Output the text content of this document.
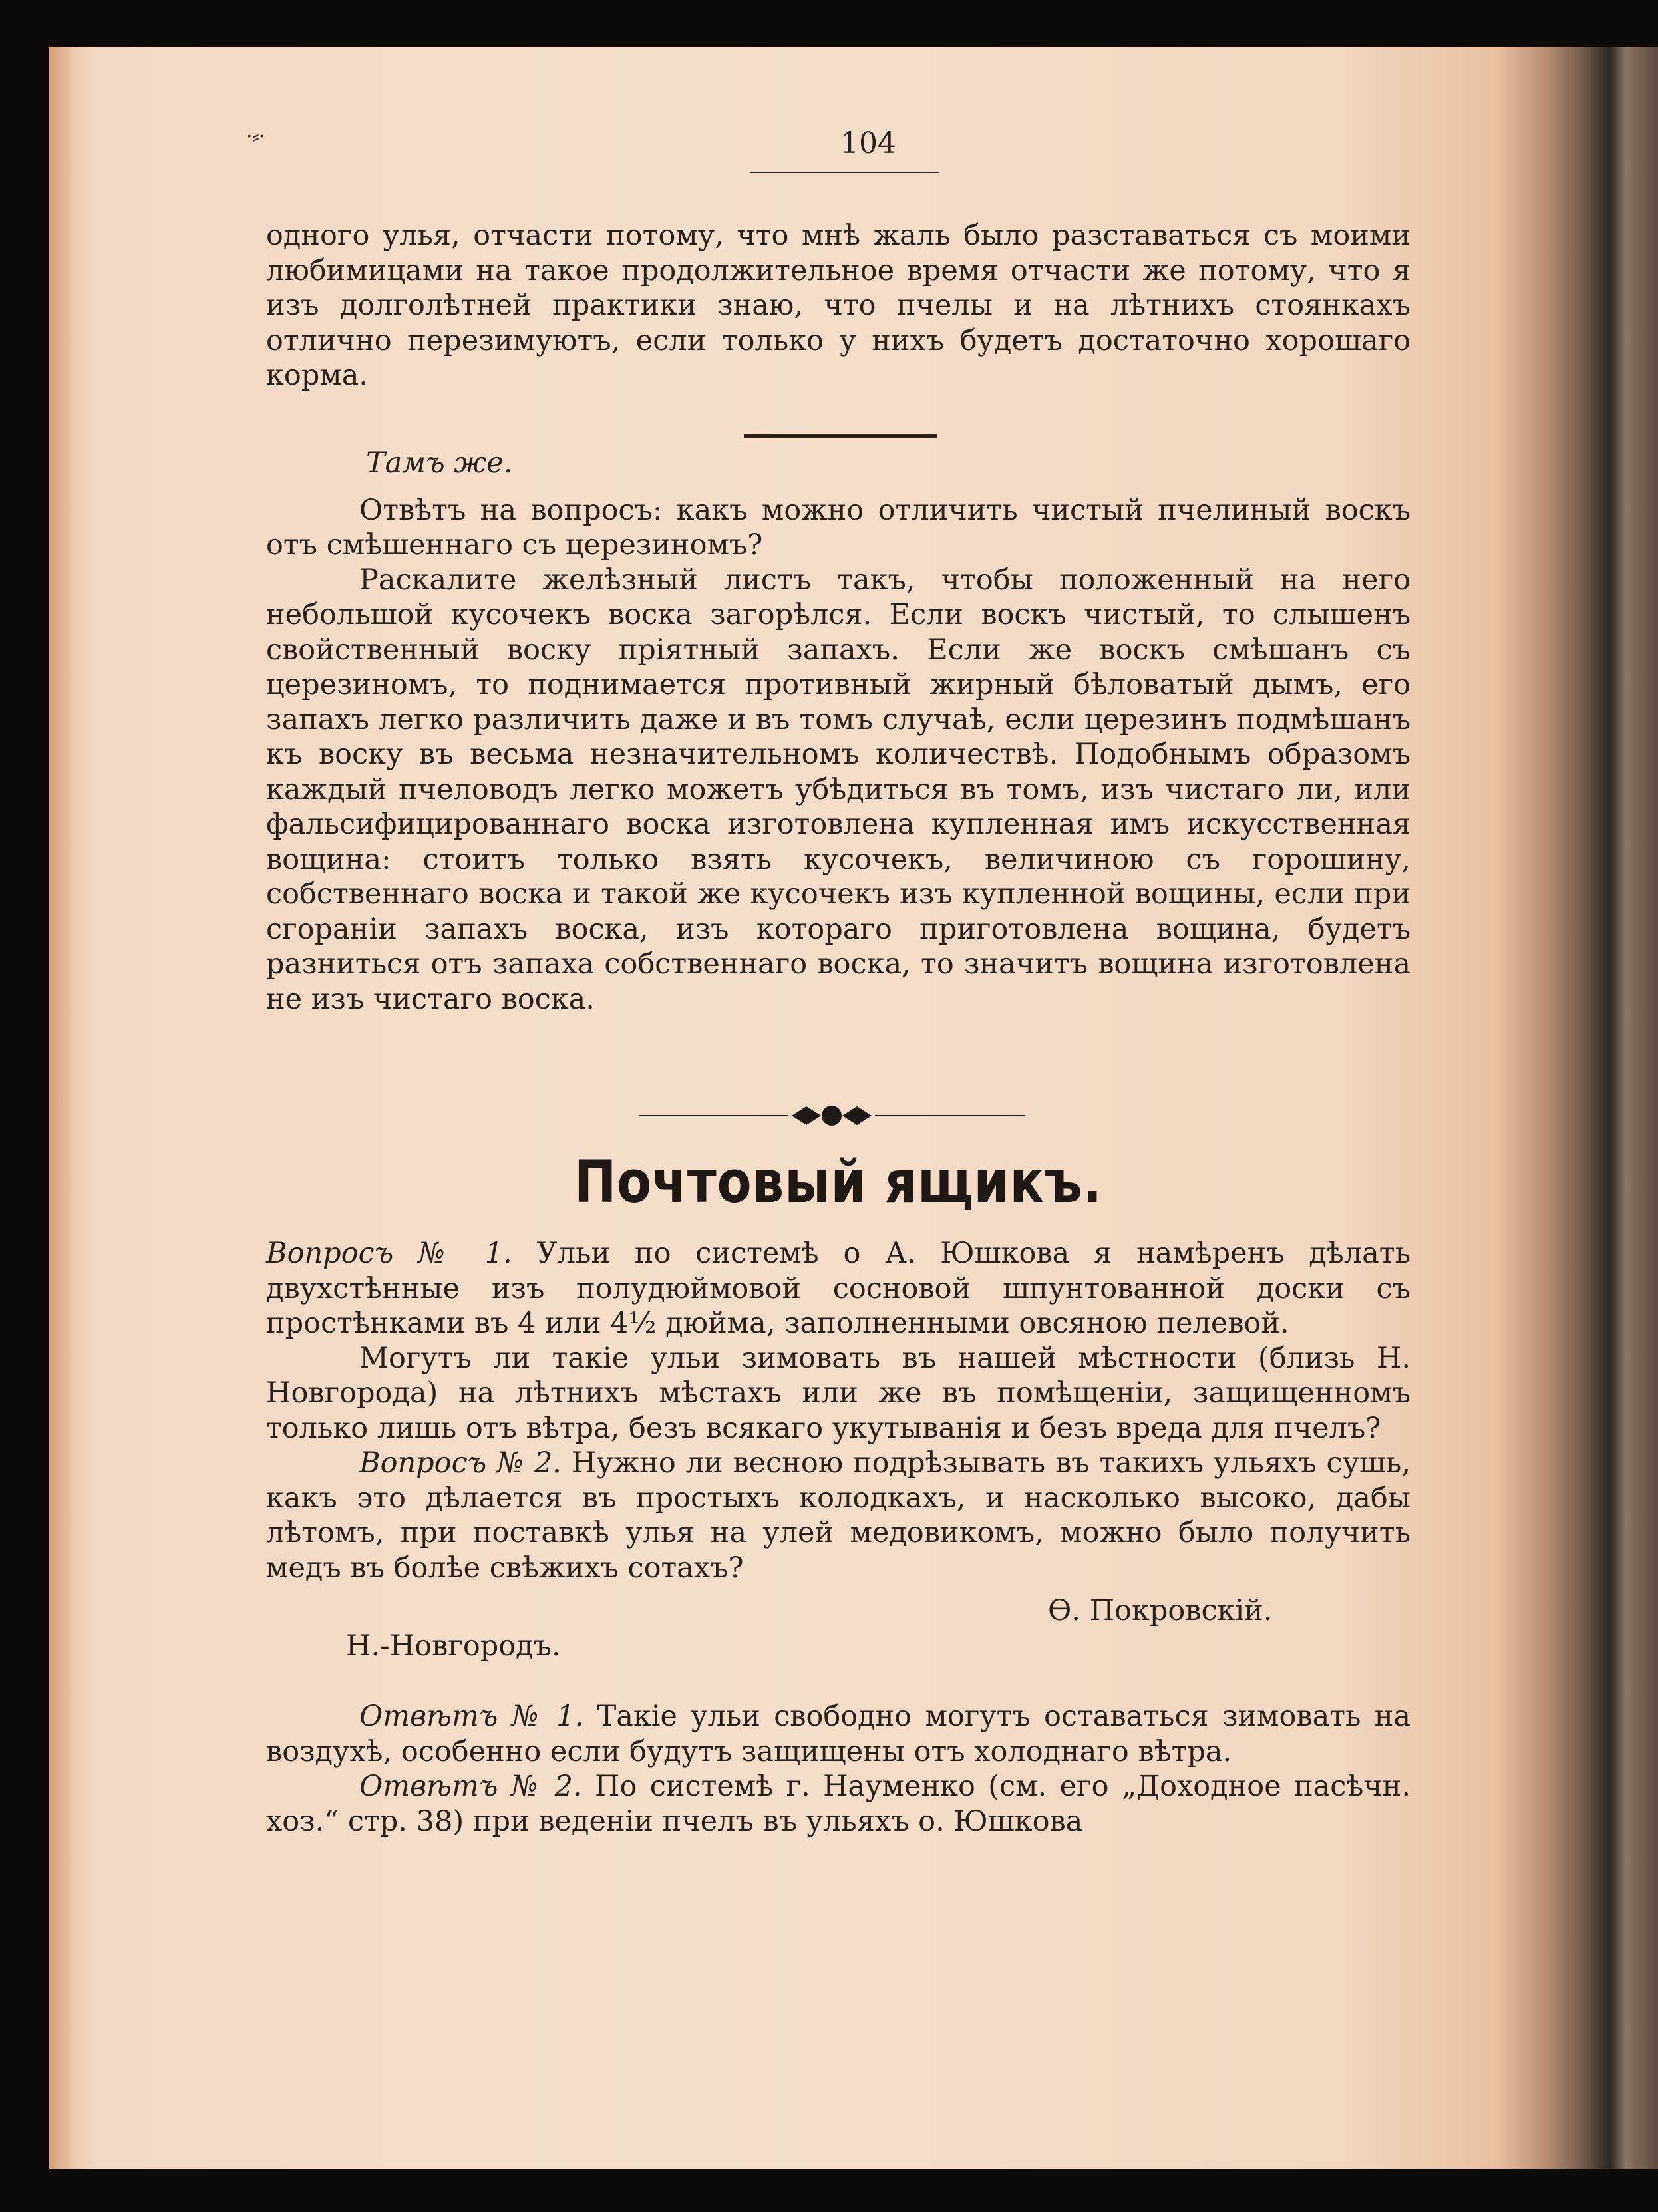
·⸗·	104

одного улья, отчасти потому, что мнѣ жаль было разставаться съ моими любимицами на такое продолжительное время отчасти же потому, что я изъ долголѣтней практики знаю, что пчелы и на лѣтнихъ стоянкахъ отлично перезимуютъ, если только у нихъ будетъ достаточно хорошаго корма.

Тамъ же.

Отвѣтъ на вопросъ: какъ можно отличить чистый пчелиный воскъ отъ смѣшеннаго съ церезиномъ?

Раскалите желѣзный листъ такъ, чтобы положенный на него небольшой кусочекъ воска загорѣлся. Если воскъ чистый, то слышенъ свойственный воску пріятный запахъ. Если же воскъ смѣшанъ съ церезиномъ, то поднимается противный жирный бѣловатый дымъ, его запахъ легко различить даже и въ томъ случаѣ, если церезинъ подмѣшанъ къ воску въ весьма незначительномъ количествѣ. Подобнымъ образомъ каждый пчеловодъ легко можетъ убѣдиться въ томъ, изъ чистаго ли, или фальсифицированнаго воска изготовлена купленная имъ искусственная вощина: стоитъ только взять кусочекъ, величиною съ горошину, собственнаго воска и такой же кусочекъ изъ купленной вощины, если при сгораніи запахъ воска, изъ котораго приготовлена вощина, будетъ разниться отъ запаха собственнаго воска, то значитъ вощина изготовлена не изъ чистаго воска.

Почтовый ящикъ.

Вопросъ № 1. Ульи по системѣ о А. Юшкова я намѣренъ дѣлать двухстѣнные изъ полудюймовой сосновой шпунтованной доски съ простѣнками въ 4 или 4½ дюйма, заполненными овсяною пелевой.

Могутъ ли такіе ульи зимовать въ нашей мѣстности (близь Н. Новгорода) на лѣтнихъ мѣстахъ или же въ помѣщеніи, защищенномъ только лишь отъ вѣтра, безъ всякаго укутыванія и безъ вреда для пчелъ?

Вопросъ № 2. Нужно ли весною подрѣзывать въ такихъ ульяхъ сушь, какъ это дѣлается въ простыхъ колодкахъ, и насколько высоко, дабы лѣтомъ, при поставкѣ улья на улей медовикомъ, можно было получить медъ въ болѣе свѣжихъ сотахъ?

Ѳ. Покровскій.

Н.-Новгородъ.

Отвѣтъ № 1. Такіе ульи свободно могутъ оставаться зимовать на воздухѣ, особенно если будутъ защищены отъ холоднаго вѣтра.

Отвѣтъ № 2. По системѣ г. Науменко (см. его „Доходное пасѣчн. хоз.“ стр. 38) при веденіи пчелъ въ ульяхъ о. Юшкова
